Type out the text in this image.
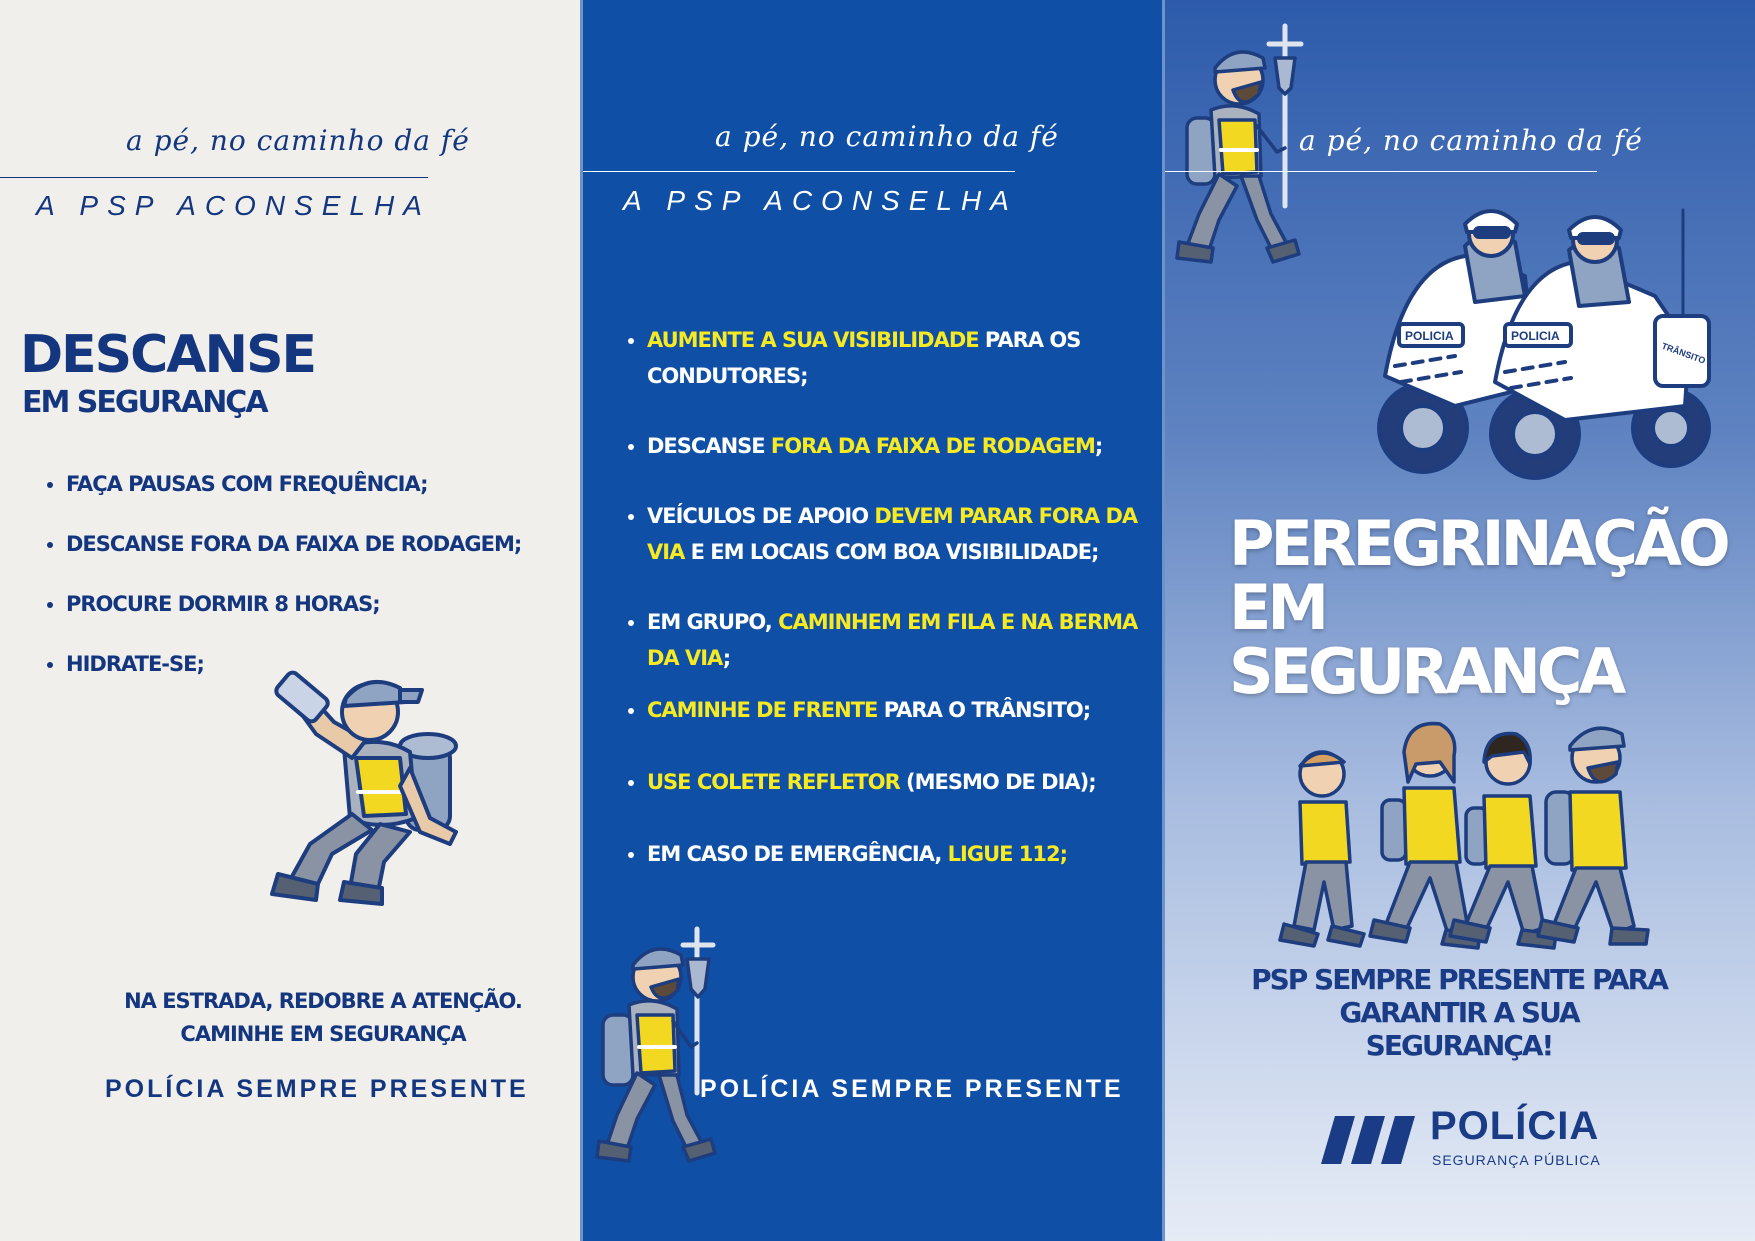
a pé, no caminho da fé
A PSP ACONSELHA
DESCANSE
EM SEGURANÇA
• FAÇA PAUSAS COM FREQUÊNCIA;
• DESCANSE FORA DA FAIXA DE RODAGEM;
• PROCURE DORMIR 8 HORAS;
• HIDRATE-SE;
NA ESTRADA, REDOBRE A ATENÇÃO.
CAMINHE EM SEGURANÇA
POLÍCIA SEMPRE PRESENTE
a pé, no caminho da fé
A PSP ACONSELHA
• AUMENTE A SUA VISIBILIDADE PARA OS CONDUTORES;
• DESCANSE FORA DA FAIXA DE RODAGEM;
• VEÍCULOS DE APOIO DEVEM PARAR FORA DA VIA E EM LOCAIS COM BOA VISIBILIDADE;
• EM GRUPO, CAMINHEM EM FILA E NA BERMA DA VIA;
• CAMINHE DE FRENTE PARA O TRÂNSITO;
• USE COLETE REFLETOR (MESMO DE DIA);
• EM CASO DE EMERGÊNCIA, LIGUE 112;
POLÍCIA SEMPRE PRESENTE
a pé, no caminho da fé
POLICIA	POLICIA
TRÂNSITO
PEREGRINAÇÃO
EM SEGURANÇA
PSP SEMPRE PRESENTE PARA
GARANTIR A SUA SEGURANÇA!
POLÍCIA
SEGURANÇA PÚBLICA
